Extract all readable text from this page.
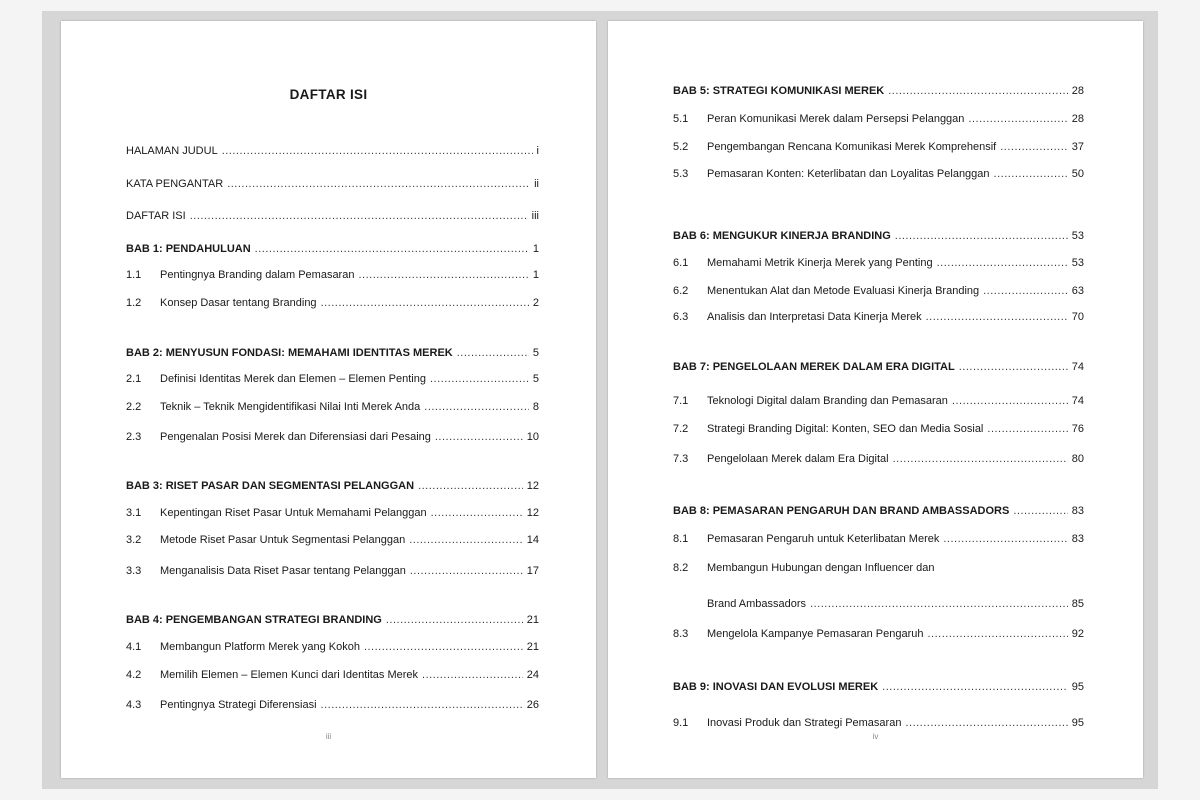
DAFTAR ISI
HALAMAN JUDUL .....	i
KATA PENGANTAR .....	ii
DAFTAR ISI .....	iii
BAB 1: PENDAHULUAN .....	1
1.1	Pentingnya Branding dalam Pemasaran .....	1
1.2	Konsep Dasar tentang Branding .....	2
BAB 2: MENYUSUN FONDASI: MEMAHAMI IDENTITAS MEREK .....	5
2.1	Definisi Identitas Merek dan Elemen – Elemen Penting .....	5
2.2	Teknik – Teknik Mengidentifikasi Nilai Inti Merek Anda .....	8
2.3	Pengenalan Posisi Merek dan Diferensiasi dari Pesaing .....	10
BAB 3: RISET PASAR DAN SEGMENTASI PELANGGAN .....	12
3.1	Kepentingan Riset Pasar Untuk Memahami Pelanggan .....	12
3.2	Metode Riset Pasar Untuk Segmentasi Pelanggan .....	14
3.3	Menganalisis Data Riset Pasar tentang Pelanggan .....	17
BAB 4: PENGEMBANGAN STRATEGI BRANDING .....	21
4.1	Membangun Platform Merek yang Kokoh .....	21
4.2	Memilih Elemen – Elemen Kunci dari Identitas Merek .....	24
4.3	Pentingnya Strategi Diferensiasi .....	26
iii
BAB 5: STRATEGI KOMUNIKASI MEREK .....	28
5.1	Peran Komunikasi Merek dalam Persepsi Pelanggan .....	28
5.2	Pengembangan Rencana Komunikasi Merek Komprehensif .....	37
5.3	Pemasaran Konten: Keterlibatan dan Loyalitas Pelanggan .....	50
BAB 6: MENGUKUR KINERJA BRANDING .....	53
6.1	Memahami Metrik Kinerja Merek yang Penting .....	53
6.2	Menentukan Alat dan Metode Evaluasi Kinerja Branding .....	63
6.3	Analisis dan Interpretasi Data Kinerja Merek .....	70
BAB 7: PENGELOLAAN MEREK DALAM ERA DIGITAL .....	74
7.1	Teknologi Digital dalam Branding dan Pemasaran .....	74
7.2	Strategi Branding Digital: Konten, SEO dan Media Sosial .....	76
7.3	Pengelolaan Merek dalam Era Digital .....	80
BAB 8: PEMASARAN PENGARUH DAN BRAND AMBASSADORS .....	83
8.1	Pemasaran Pengaruh untuk Keterlibatan Merek .....	83
8.2	Membangun Hubungan dengan Influencer dan
Brand Ambassadors .....	85
8.3	Mengelola Kampanye Pemasaran Pengaruh .....	92
BAB 9: INOVASI DAN EVOLUSI MEREK .....	95
9.1	Inovasi Produk dan Strategi Pemasaran .....	95
iv
